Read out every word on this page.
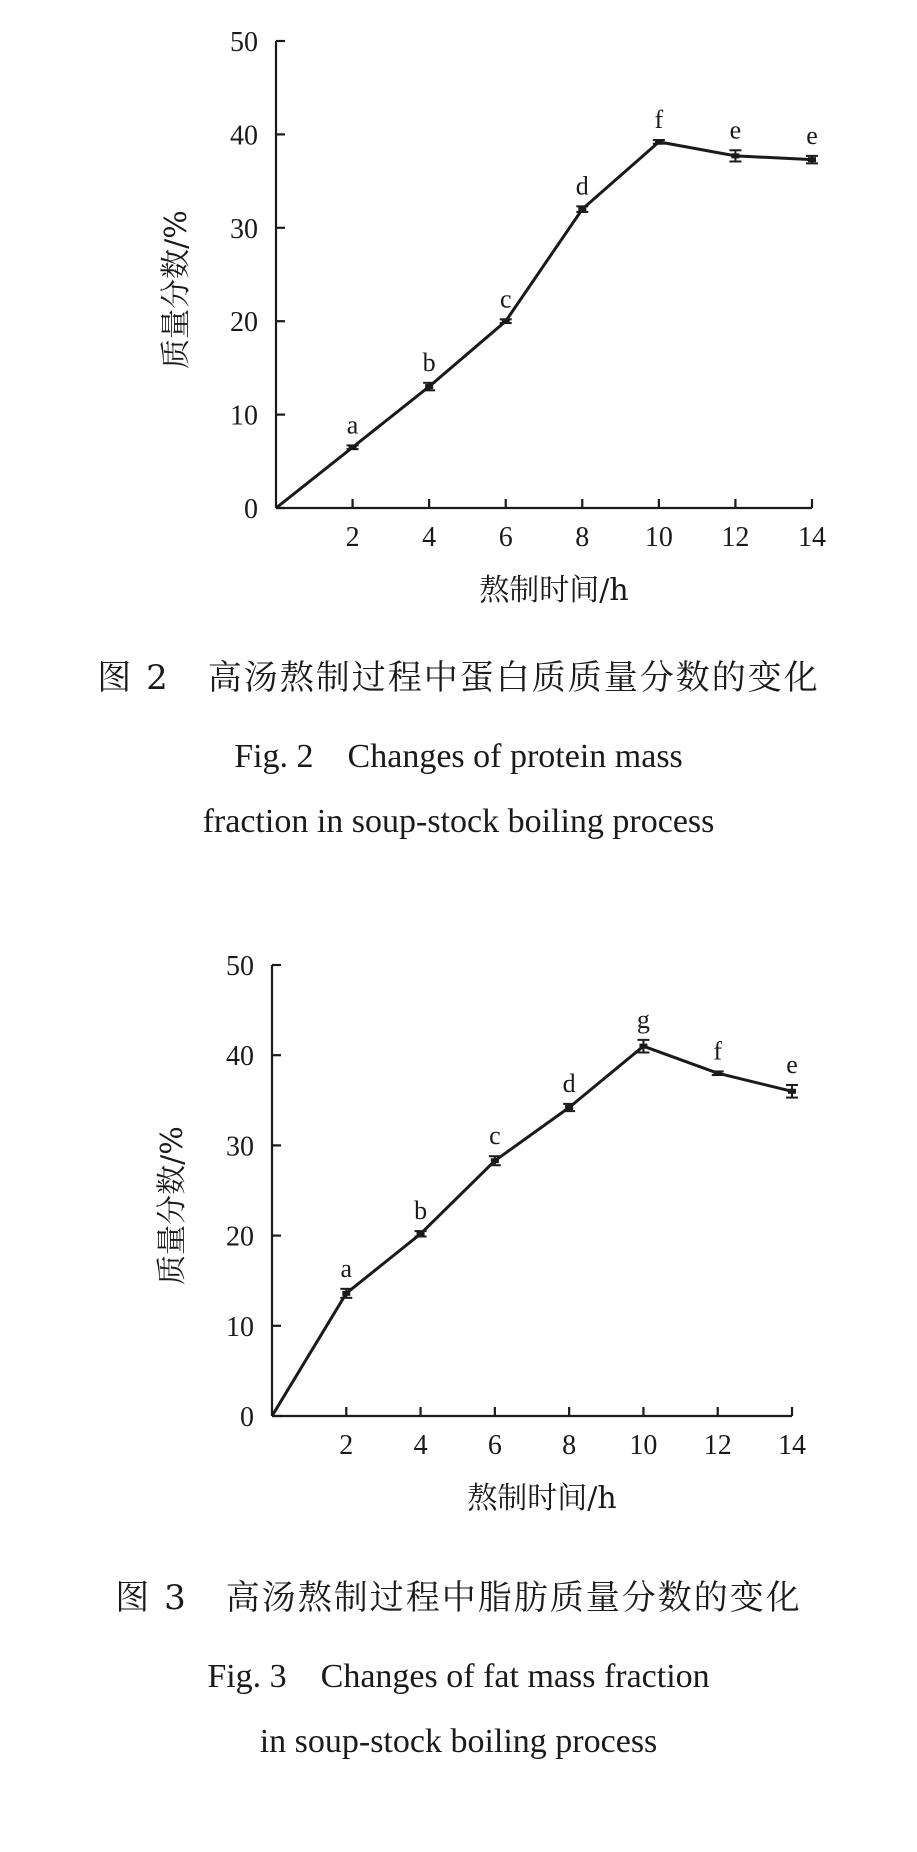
0
10
20
30
40
50
2 4 6 8 10 12 14
熬制时间/h
质量分数/%
a
b
c
d
f	e	e
图 2 高汤熬制过程中蛋白质质量分数的变化
Fig. 2　Changes of protein mass
fraction in soup-stock boiling process
0
10
20
30
40
50
2 4 6 8 10 12 14
熬制时间/h
质量分数/%	a
b
c
d
g
f e
图 3 高汤熬制过程中脂肪质量分数的变化
Fig. 3　Changes of fat mass fraction
in soup-stock boiling process
